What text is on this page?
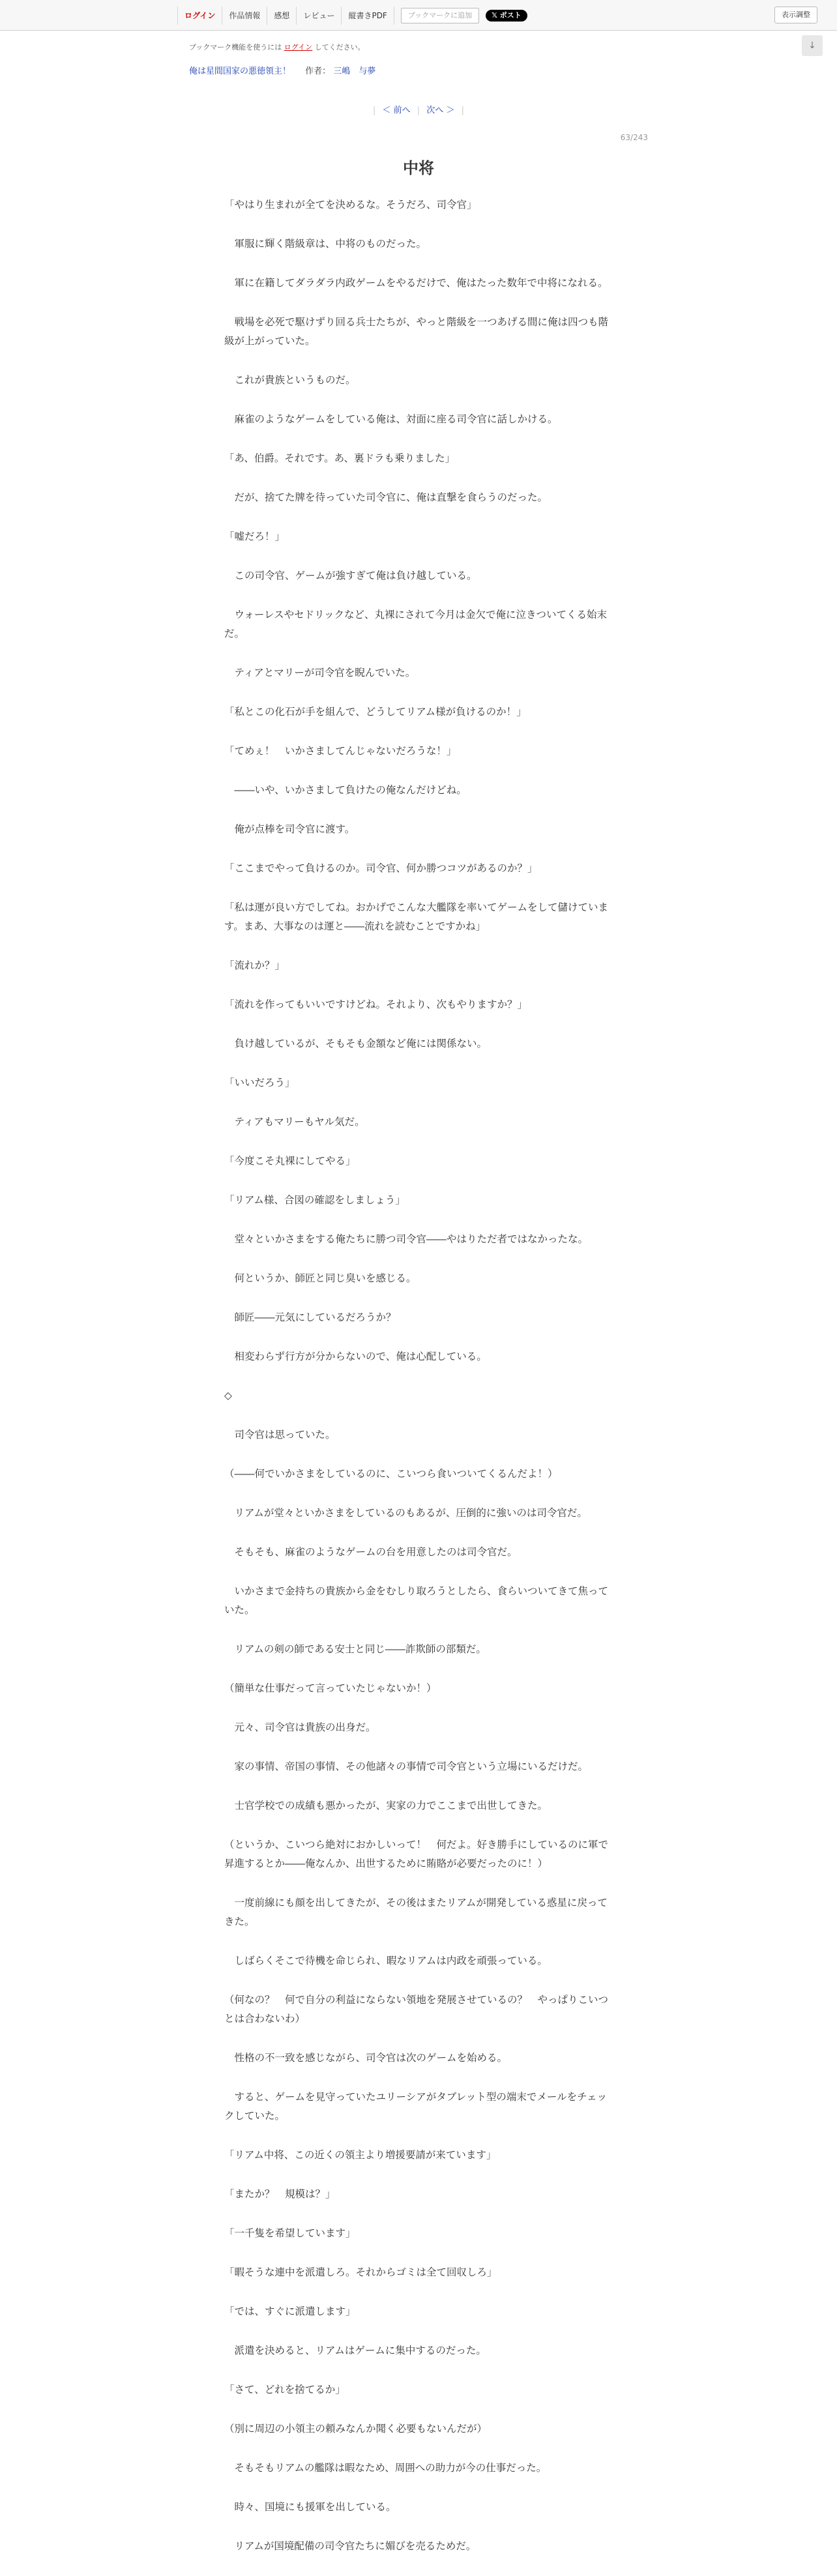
ログイン	作品情報	感想	レビュー	縦書きPDF	ブックマークに追加	𝕏 ポスト	表示調整
↓
ブックマーク機能を使うには ログイン してください。
俺は星間国家の悪徳領主！ 作者： 三嶋　与夢
| ＜ 前へ | 次へ ＞ |
63/243
中将

「やはり生まれが全てを決めるな。そうだろ、司令官」

　軍服に輝く階級章は、中将のものだった。

　軍に在籍してダラダラ内政ゲームをやるだけで、俺はたった数年で中将になれる。

　戦場を必死で駆けずり回る兵士たちが、やっと階級を一つあげる間に俺は四つも階級が上がっていた。

　これが貴族というものだ。

　麻雀のようなゲームをしている俺は、対面に座る司令官に話しかける。

「あ、伯爵。それです。あ、裏ドラも乗りました」

　だが、捨てた牌を待っていた司令官に、俺は直撃を食らうのだった。

「嘘だろ！」

　この司令官、ゲームが強すぎて俺は負け越している。

　ウォーレスやセドリックなど、丸裸にされて今月は金欠で俺に泣きついてくる始末だ。

　ティアとマリーが司令官を睨んでいた。

「私とこの化石が手を組んで、どうしてリアム様が負けるのか！」

「てめぇ！　いかさましてんじゃないだろうな！」

　――いや、いかさまして負けたの俺なんだけどね。

　俺が点棒を司令官に渡す。

「ここまでやって負けるのか。司令官、何か勝つコツがあるのか？」

「私は運が良い方でしてね。おかげでこんな大艦隊を率いてゲームをして儲けています。まあ、大事なのは運と――流れを読むことですかね」

「流れか？」

「流れを作ってもいいですけどね。それより、次もやりますか？」

　負け越しているが、そもそも金額など俺には関係ない。

「いいだろう」

　ティアもマリーもヤル気だ。

「今度こそ丸裸にしてやる」

「リアム様、合図の確認をしましょう」

　堂々といかさまをする俺たちに勝つ司令官――やはりただ者ではなかったな。

　何というか、師匠と同じ臭いを感じる。

　師匠――元気にしているだろうか？

　相変わらず行方が分からないので、俺は心配している。

◇

　司令官は思っていた。

（――何でいかさまをしているのに、こいつら食いついてくるんだよ！）

　リアムが堂々といかさまをしているのもあるが、圧倒的に強いのは司令官だ。

　そもそも、麻雀のようなゲームの台を用意したのは司令官だ。

　いかさまで金持ちの貴族から金をむしり取ろうとしたら、食らいついてきて焦っていた。

　リアムの剣の師である安士と同じ――詐欺師の部類だ。

（簡単な仕事だって言っていたじゃないか！）

　元々、司令官は貴族の出身だ。

　家の事情、帝国の事情、その他諸々の事情で司令官という立場にいるだけだ。

　士官学校での成績も悪かったが、実家の力でここまで出世してきた。

（というか、こいつら絶対におかしいって！　何だよ。好き勝手にしているのに軍で昇進するとか――俺なんか、出世するために賄賂が必要だったのに！）

　一度前線にも顔を出してきたが、その後はまたリアムが開発している惑星に戻ってきた。

　しばらくそこで待機を命じられ、暇なリアムは内政を頑張っている。

（何なの？　何で自分の利益にならない領地を発展させているの？　やっぱりこいつとは合わないわ）

　性格の不一致を感じながら、司令官は次のゲームを始める。

　すると、ゲームを見守っていたユリーシアがタブレット型の端末でメールをチェックしていた。

「リアム中将、この近くの領主より増援要請が来ています」

「またか？　規模は？」

「一千隻を希望しています」

「暇そうな連中を派遣しろ。それからゴミは全て回収しろ」

「では、すぐに派遣します」

　派遣を決めると、リアムはゲームに集中するのだった。

「さて、どれを捨てるか」

（別に周辺の小領主の頼みなんか聞く必要もないんだが）

　そもそもリアムの艦隊は暇なため、周囲への助力が今の仕事だった。

　時々、国境にも援軍を出している。

　リアムが国境配備の司令官たちに媚びを売るためだ。
